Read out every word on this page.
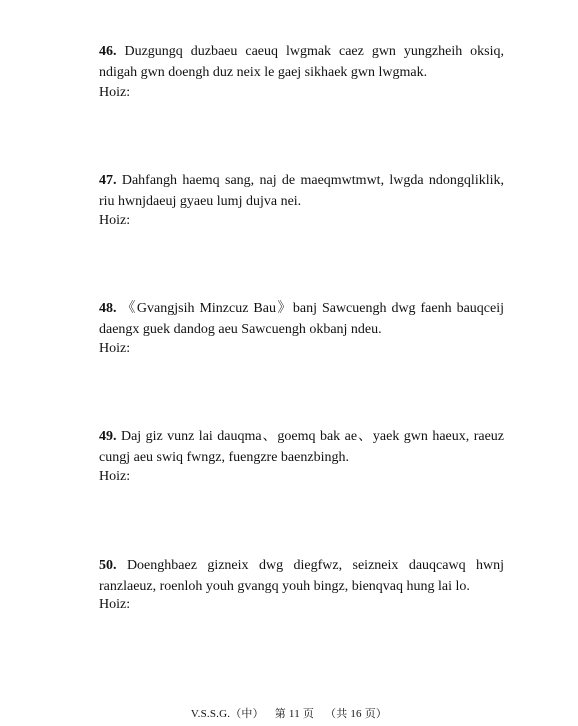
46. Duzgungq duzbaeu caeuq lwgmak caez gwn yungzheih oksiq,
ndigah gwn doengh duz neix le gaej sikhaek gwn lwgmak.
Hoiz:
47. Dahfangh haemq sang, naj de maeqmwtmwt, lwgda ndongqliklik,
riu hwnjdaeuj gyaeu lumj dujva nei.
Hoiz:
48. 《Gvangjsih Minzcuz Bau》banj Sawcuengh dwg faenh bauqceij
daengx guek dandog aeu Sawcuengh okbanj ndeu.
Hoiz:
49. Daj giz vunz lai dauqma、goemq bak ae、yaek gwn haeux, raeuz
cungj aeu swiq fwngz, fuengzre baenzbingh.
Hoiz:
50. Doenghbaez gizneix dwg diegfwz, seizneix dauqcawq hwnj
ranzlaeuz, roenloh youh gvangq youh bingz, bienqvaq hung lai lo.
Hoiz:
V.S.S.G.（中） 第 11 页 （共 16 页）
